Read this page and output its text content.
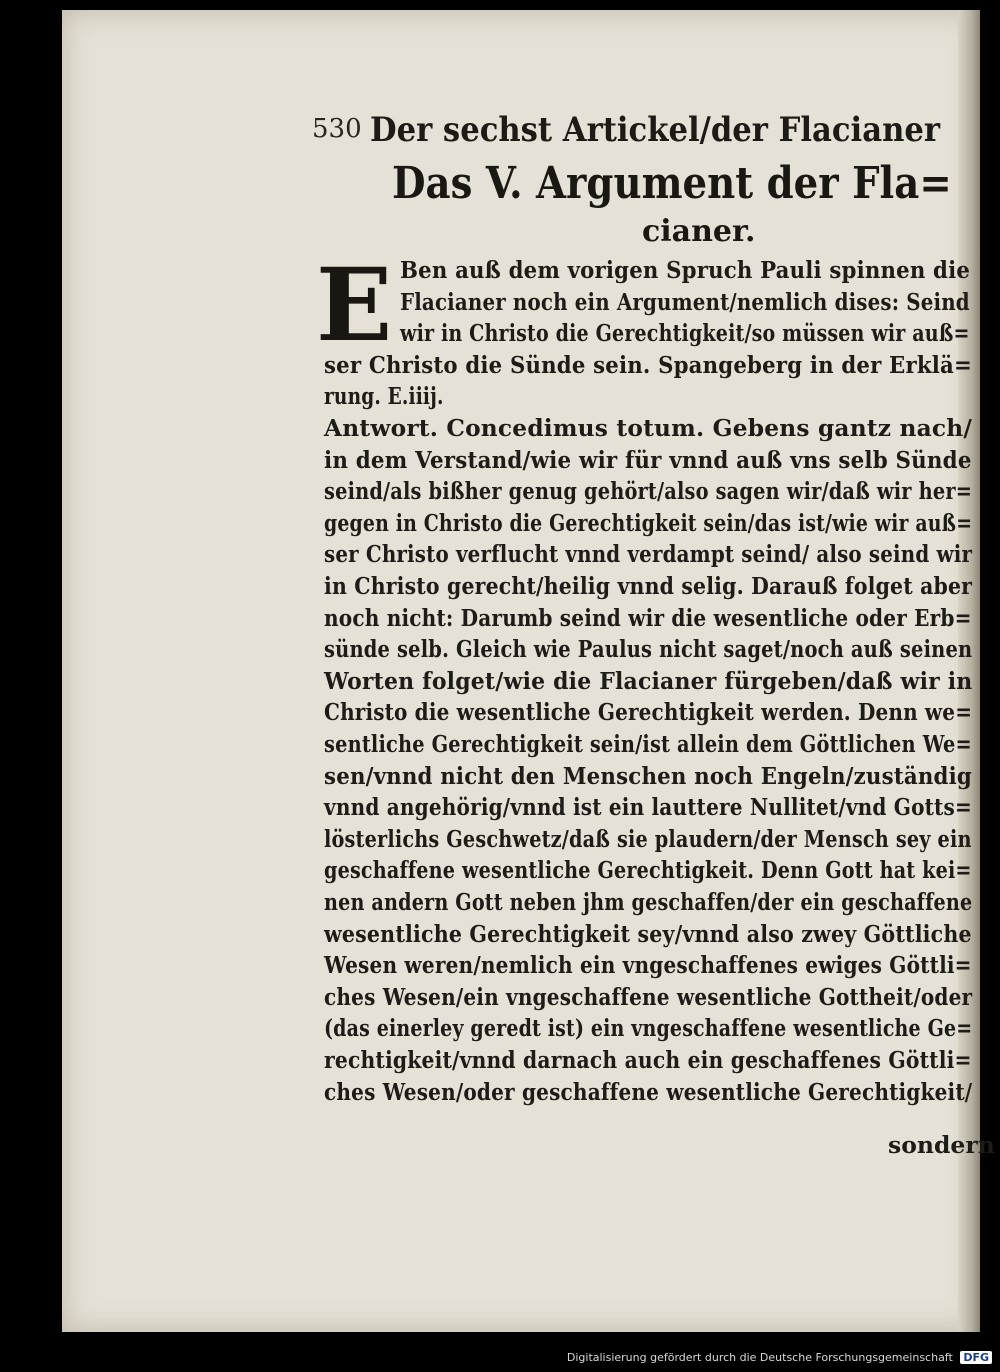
530 Der sechst Artickel/der Flacianer
Das V. Argument der Fla=
cianer.
E Ben auß dem vorigen Spruch Pauli spinnen die
Flacianer noch ein Argument/nemlich dises: Seind
wir in Christo die Gerechtigkeit/so müssen wir auß=
ser Christo die Sünde sein. Spangeberg in der Erklä=
rung. E.iiij.
Antwort. Concedimus totum. Gebens gantz nach/
in dem Verstand/wie wir für vnnd auß vns selb Sünde
seind/als bißher genug gehört/also sagen wir/daß wir her=
gegen in Christo die Gerechtigkeit sein/das ist/wie wir auß=
ser Christo verflucht vnnd verdampt seind/ also seind wir
in Christo gerecht/heilig vnnd selig. Darauß folget aber
noch nicht: Darumb seind wir die wesentliche oder Erb=
sünde selb. Gleich wie Paulus nicht saget/noch auß seinen
Worten folget/wie die Flacianer fürgeben/daß wir in
Christo die wesentliche Gerechtigkeit werden. Denn we=
sentliche Gerechtigkeit sein/ist allein dem Göttlichen We=
sen/vnnd nicht den Menschen noch Engeln/zuständig
vnnd angehörig/vnnd ist ein lauttere Nullitet/vnd Gotts=
lösterlichs Geschwetz/daß sie plaudern/der Mensch sey ein
geschaffene wesentliche Gerechtigkeit. Denn Gott hat kei=
nen andern Gott neben jhm geschaffen/der ein geschaffene
wesentliche Gerechtigkeit sey/vnnd also zwey Göttliche
Wesen weren/nemlich ein vngeschaffenes ewiges Göttli=
ches Wesen/ein vngeschaffene wesentliche Gottheit/oder
(das einerley geredt ist) ein vngeschaffene wesentliche Ge=
rechtigkeit/vnnd darnach auch ein geschaffenes Göttli=
ches Wesen/oder geschaffene wesentliche Gerechtigkeit/
sondern
Digitalisierung gefördert durch die Deutsche Forschungsgemeinschaft DFG
